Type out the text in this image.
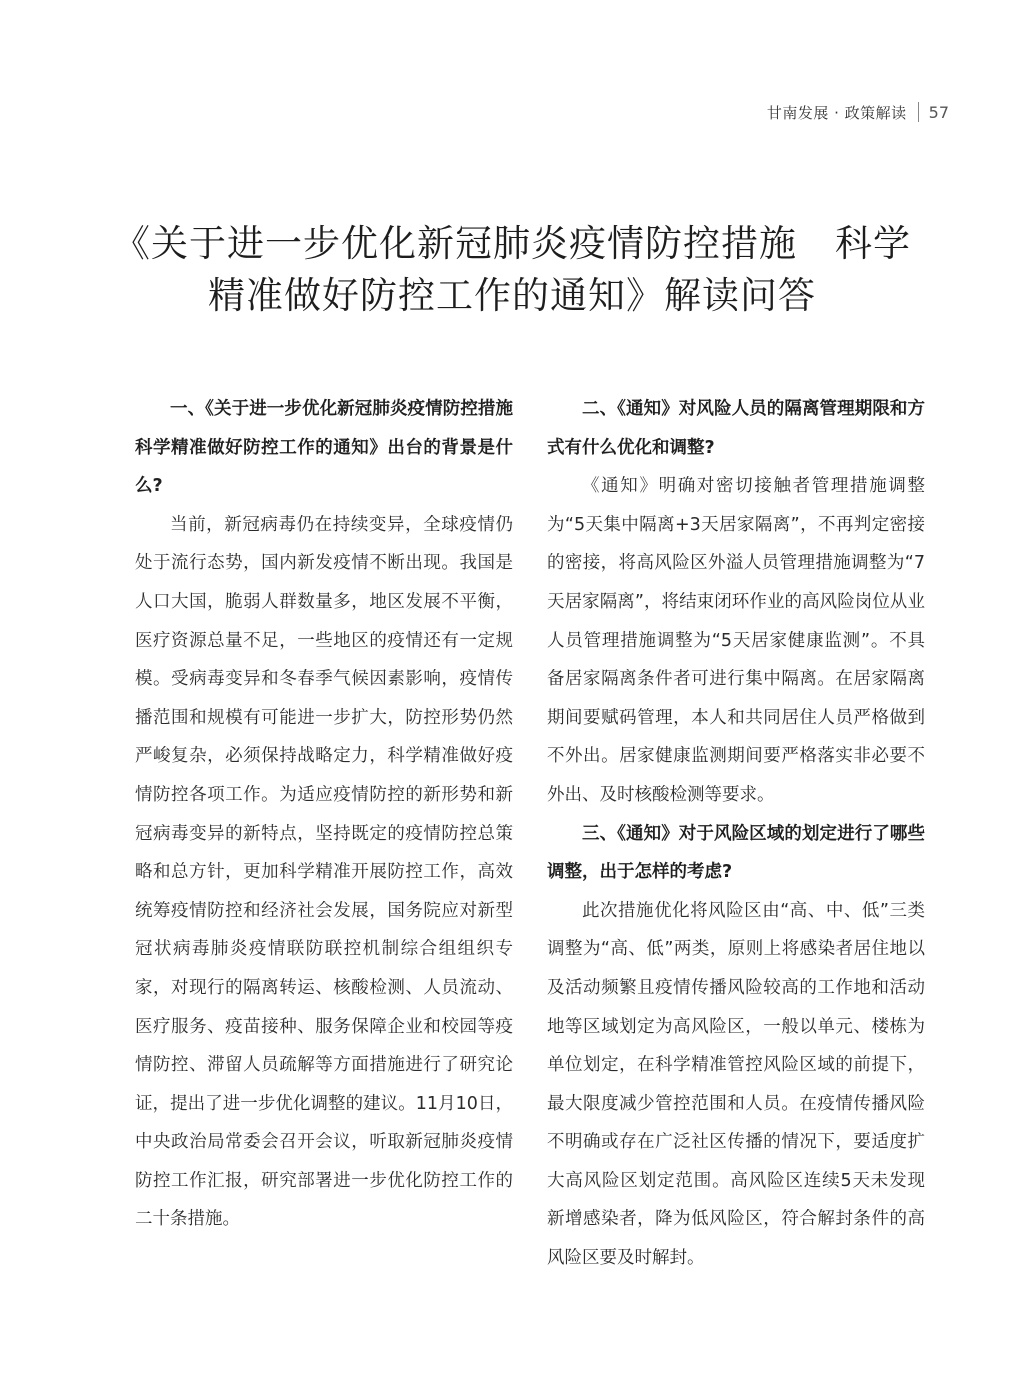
甘南发展 · 政策解读 57
《关于进一步优化新冠肺炎疫情防控措施　科学
精准做好防控工作的通知》解读问答

一、《关于进一步优化新冠肺炎疫情防控措施　科学精准做好防控工作的通知》出台的背景是什么?

当前，新冠病毒仍在持续变异，全球疫情仍处于流行态势，国内新发疫情不断出现。我国是人口大国，脆弱人群数量多，地区发展不平衡，医疗资源总量不足，一些地区的疫情还有一定规模。受病毒变异和冬春季气候因素影响，疫情传播范围和规模有可能进一步扩大，防控形势仍然严峻复杂，必须保持战略定力，科学精准做好疫情防控各项工作。为适应疫情防控的新形势和新冠病毒变异的新特点，坚持既定的疫情防控总策略和总方针，更加科学精准开展防控工作，高效统筹疫情防控和经济社会发展，国务院应对新型冠状病毒肺炎疫情联防联控机制综合组组织专家，对现行的隔离转运、核酸检测、人员流动、医疗服务、疫苗接种、服务保障企业和校园等疫情防控、滞留人员疏解等方面措施进行了研究论证，提出了进一步优化调整的建议。11月10日，中央政治局常委会召开会议，听取新冠肺炎疫情防控工作汇报，研究部署进一步优化防控工作的二十条措施。

二、《通知》对风险人员的隔离管理期限和方式有什么优化和调整?

《通知》明确对密切接触者管理措施调整为“5天集中隔离+3天居家隔离”，不再判定密接的密接，将高风险区外溢人员管理措施调整为“7天居家隔离”，将结束闭环作业的高风险岗位从业人员管理措施调整为“5天居家健康监测”。不具备居家隔离条件者可进行集中隔离。在居家隔离期间要赋码管理，本人和共同居住人员严格做到不外出。居家健康监测期间要严格落实非必要不外出、及时核酸检测等要求。

三、《通知》对于风险区域的划定进行了哪些调整，出于怎样的考虑?

此次措施优化将风险区由“高、中、低”三类调整为“高、低”两类，原则上将感染者居住地以及活动频繁且疫情传播风险较高的工作地和活动地等区域划定为高风险区，一般以单元、楼栋为单位划定，在科学精准管控风险区域的前提下，最大限度减少管控范围和人员。在疫情传播风险不明确或存在广泛社区传播的情况下，要适度扩大高风险区划定范围。高风险区连续5天未发现新增感染者，降为低风险区，符合解封条件的高风险区要及时解封。
